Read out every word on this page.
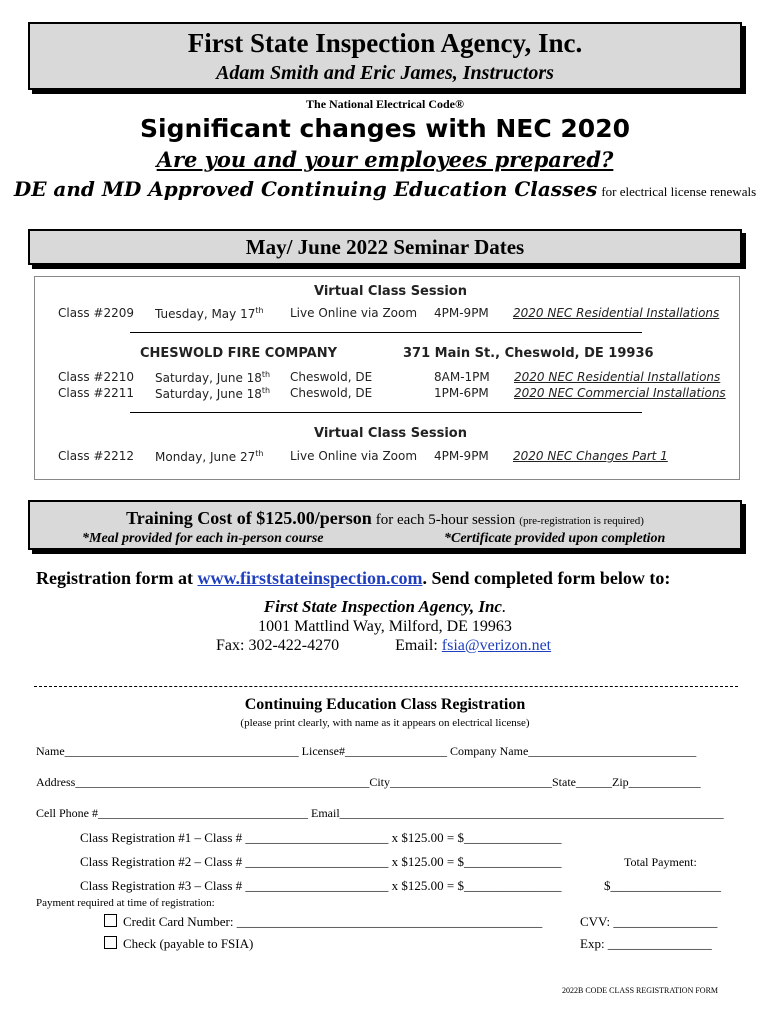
First State Inspection Agency, Inc.
Adam Smith and Eric James, Instructors
The National Electrical Code®
Significant changes with NEC 2020
Are you and your employees prepared?
DE and MD Approved Continuing Education Classes for electrical license renewals
May/ June 2022 Seminar Dates
Virtual Class Session
Class #2209 Tuesday, May 17th Live Online via Zoom 4PM-9PM 2020 NEC Residential Installations
CHESWOLD FIRE COMPANY	371 Main St., Cheswold, DE 19936
Class #2210 Saturday, June 18th Cheswold, DE	8AM-1PM 2020 NEC Residential Installations
Class #2211 Saturday, June 18th Cheswold, DE	1PM-6PM 2020 NEC Commercial Installations
Virtual Class Session
Class #2212 Monday, June 27th Live Online via Zoom 4PM-9PM 2020 NEC Changes Part 1
Training Cost of $125.00/person for each 5-hour session (pre-registration is required)
*Meal provided for each in-person course	*Certificate provided upon completion
Registration form at www.firststateinspection.com. Send completed form below to:
First State Inspection Agency, Inc.
1001 Mattlind Way, Milford, DE 19963
Fax: 302-422-4270	Email: fsia@verizon.net
Continuing Education Class Registration
(please print clearly, with name as it appears on electrical license)
Name_______________________________________ License#_________________ Company Name____________________________
Address_________________________________________________City___________________________State______Zip____________
Cell Phone #___________________________________ Email________________________________________________________________
Class Registration #1 – Class # ______________________ x $125.00 = $_______________
Class Registration #2 – Class # ______________________ x $125.00 = $_______________	Total Payment:
Class Registration #3 – Class # ______________________ x $125.00 = $_______________	$_________________
Payment required at time of registration:
Credit Card Number: _______________________________________________	CVV: ________________
Check (payable to FSIA)	Exp: ________________
2022B CODE CLASS REGISTRATION FORM
